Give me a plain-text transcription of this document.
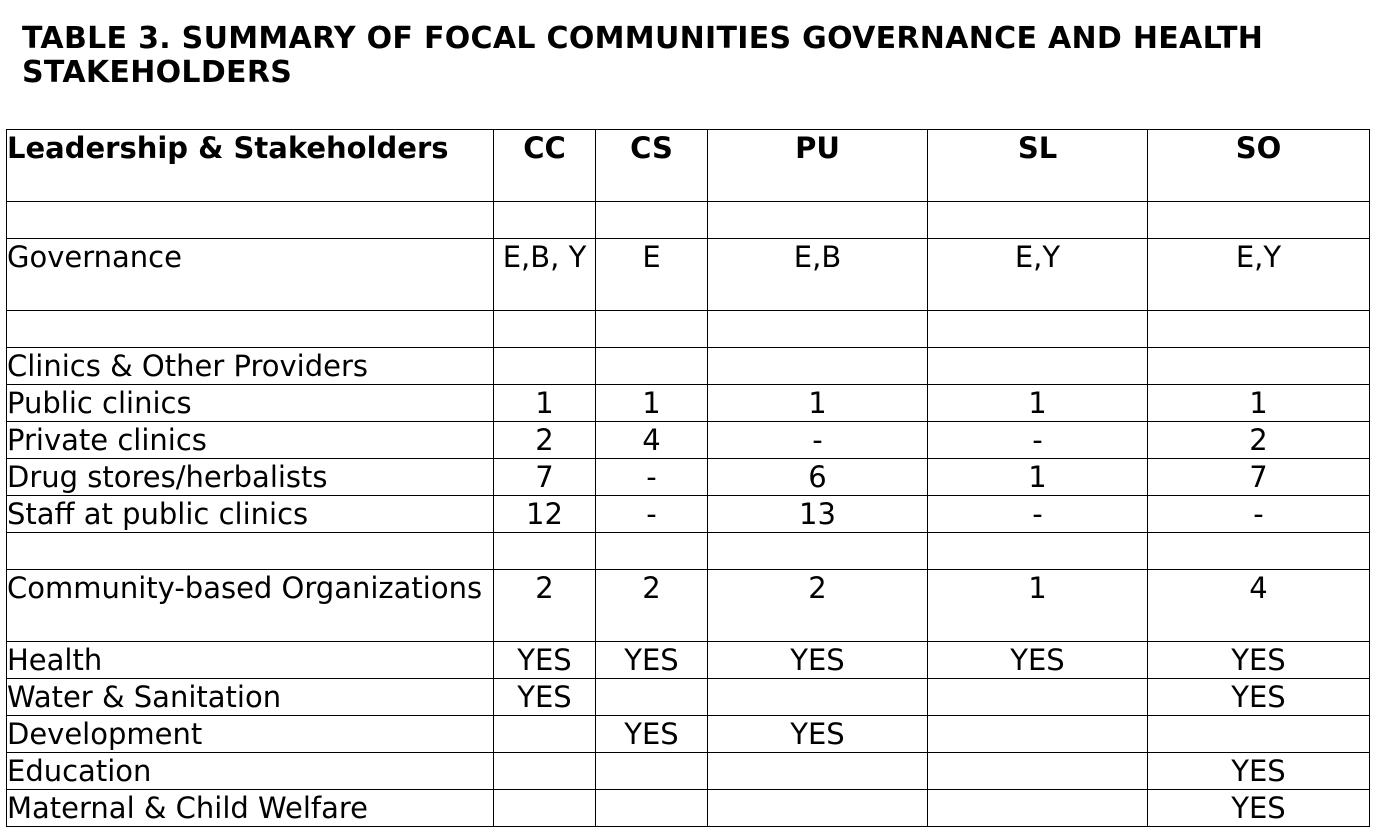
TABLE 3. SUMMARY OF FOCAL COMMUNITIES GOVERNANCE AND HEALTH STAKEHOLDERS
Leadership & Stakeholders	CC	CS	PU	SL	SO

Governance	E,B, Y	E	E,B	E,Y	E,Y

Clinics & Other Providers					

Public clinics	1	1	1	1	1

Private clinics	2	4	-	-	2

Drug stores/herbalists	7	-	6	1	7

Staff at public clinics	12	-	13	-	-

Community-based Organizations	2	2	2	1	4

Health	YES	YES	YES	YES	YES

Water & Sanitation	YES				YES

Development		YES	YES		

Education					YES

Maternal & Child Welfare					YES
